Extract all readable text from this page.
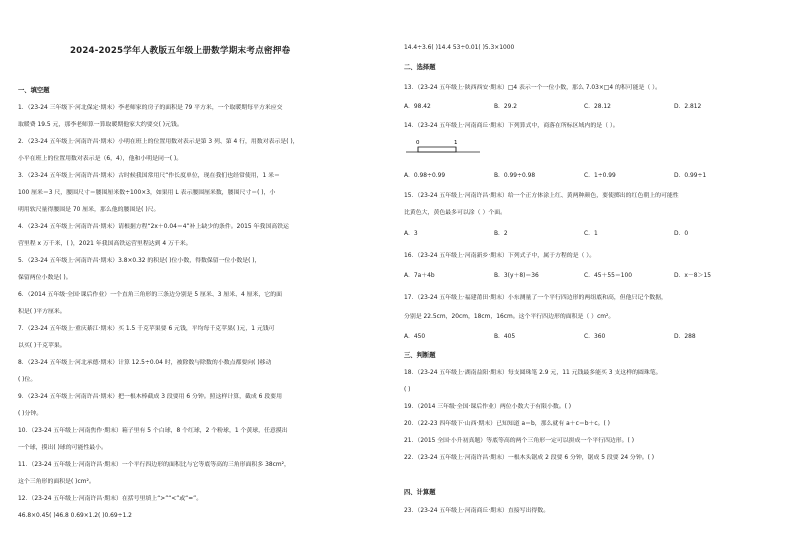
2024-2025学年人教版五年级上册数学期末考点密押卷
一、填空题
1．（23-24 三年级下·河北保定·期末）李老师家的房子的面积是 79 平方米，一个取暖期每平方米应交
取暖费 19.5 元，那李老师算一算取暖期他家大约要交( )元钱。
2．（23-24 五年级上·河南许昌·期末）小明在班上的位置用数对表示是第 3 列、第 4 行，用数对表示是( )，
小平在班上的位置用数对表示是（6，4），他和小明是同一( )。
3．（23-24 五年级上·河南许昌·期末）古时候我国常用尺“作长度单位，现在我们也经常使用，1 米＝
100 厘米＝3 尺，腰围尺寸＝腰围厘米数÷100×3，如果用 L 表示腰围厘米数，腰围尺寸＝( )，小
明用软尺量得腰围是 70 厘米，那么他的腰围是( )尺。
4．（23-24 五年级上·河南许昌·期末）请根据方程“2x＋0.04＝4”补上缺少的条件。2015 年我国高铁运
营里程 x 万千米，( )，2021 年我国高铁运营里程达到 4 万千米。
5．（23-24 五年级上·河南许昌·期末）3.8×0.32 的积是( )位小数，得数保留一位小数是( )，
保留两位小数是( )。
6．（2014 五年级·全国·课后作业）一个直角三角形的三条边分别是 5 厘米、3 厘米、4 厘米，它的面
积是( )平方厘米。
7．（23-24 五年级上·重庆綦江·期末）买 1.5 千克苹果要 6 元钱，平均每千克苹果( )元，1 元钱可
以买( )千克苹果。
8．（23-24 五年级上·河北承德·期末）计算 12.5÷0.04 时，被除数与除数的小数点都要向( )移动
( )位。
9．（23-24 五年级上·河南许昌·期末）把一根木棒截成 3 段要用 6 分钟。照这样计算，截成 6 段要用
( )分钟。
10．（23-24 五年级上·河南焦作·期末）箱子里有 5 个白球，8 个红球，2 个粉球，1 个黄球，任意摸出
一个球，摸出( )球的可能性最小。
11．（23-24 五年级上·河南许昌·期末）一个平行四边形的面积比与它等底等高的三角形面积多 38cm²，
这个三角形的面积是( )cm²。
12．（23-24 五年级上·河南许昌·期末）在括号里填上“>”“<”或“=”。
46.8×0.45( )46.8 0.69×1.2( )0.69÷1.2
14.4÷3.6( )14.4 53÷0.01( )5.3×1000
二、选择题
13．（23-24 五年级上·陕西西安·期末）□4 表示一个一位小数，那么 7.03×□4 的积可能是（ ）。
A．98.42	B．29.2	C．28.12	D．2.812
14．（23-24 五年级上·河南商丘·期末）下列算式中，商落在所标区域内的是（ ）。
0	1
A．0.98÷0.99	B．0.99÷0.98	C．1÷0.99	D．0.99÷1
15．（23-24 五年级上·河南许昌·期末）给一个正方体涂上红、黄两种颜色，要使掷出的红色朝上的可能性
比黄色大，黄色最多可以涂（ ）个面。
A．3	B．2	C．1	D．0
16．（23-24 五年级上·河南新乡·期末）下列式子中，属于方程的是（ ）。
A．7a＋4b	B．3(y＋8)＝36	C．45＋55＝100	D．x－8＞15
17．（23-24 五年级上·福建莆田·期末）小东测量了一个平行四边形的两组底和高，但他只记个数据，
分别是 22.5cm，20cm，18cm，16cm。这个平行四边形的面积是（ ）cm²。
A．450	B．405	C．360	D．288
三、判断题
18．（23-24 五年级上·湖南益阳·期末）每支圆珠笔 2.9 元，11 元钱最多能买 3 支这样的圆珠笔。
( )
19．（2014 三年级·全国·课后作业）两位小数大于有限小数。( )
20．（22-23 四年级下·山西·期末）已知知道 a＝b，那么就有 a＋c＝b＋c。( )
21．（2015 全国·小升初真题）等底等高的两个三角形一定可以拼成一个平行四边形。( )
22．（23-24 五年级上·河南许昌·期末）一根木头锯成 2 段要 6 分钟，锯成 5 段要 24 分钟。( )
四、计算题
23．（23-24 五年级上·河南商丘·期末）直接写出得数。
